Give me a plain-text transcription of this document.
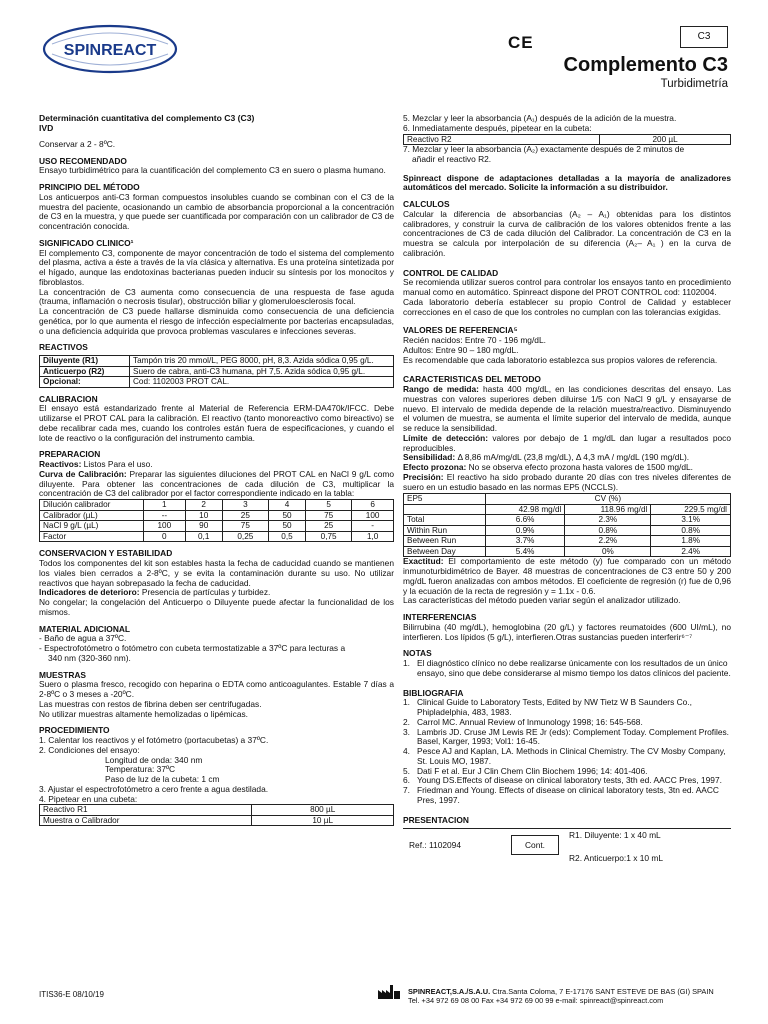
SPINREACT	CE	C3
Complemento C3
Turbidimetría
Determinación cuantitativa del complemento C3 (C3)
IVD

Conservar a 2 - 8ºC.

USO RECOMENDADO

Ensayo turbidimétrico para la cuantificación del complemento C3 en suero o plasma humano.

PRINCIPIO DEL MÉTODO

Los anticuerpos anti-C3 forman compuestos insolubles cuando se combinan con el C3 de la muestra del paciente, ocasionando un cambio de absorbancia proporcional a la concentración de C3 en la muestra, y que puede ser cuantificada por comparación con un calibrador de C3 de concentración conocida.

SIGNIFICADO CLINICO¹

El complemento C3, componente de mayor concentración de todo el sistema del complemento del plasma, activa a éste a través de la vía clásica y alternativa. Es una proteína sintetizada por el hígado, aunque las endotoxinas bacterianas pueden inducir su síntesis por los monocitos y fibroblastos.

La concentración de C3 aumenta como consecuencia de una respuesta de fase aguda (trauma, inflamación o necrosis tisular), obstrucción biliar y glomeruloesclerosis focal.

La concentración de C3 puede hallarse disminuida como consecuencia de una deficiencia genética, por lo que aumenta el riesgo de infección especialmente por bacterias encapsuladas, o una deficiencia adquirida que provoca problemas vasculares e infecciones severas.

REACTIVOS
Diluyente (R1)	Tampón tris 20 mmol/L, PEG 8000, pH, 8,3. Azida sódica 0,95 g/L.
Anticuerpo (R2)	Suero de cabra, anti-C3 humana, pH 7,5. Azida sódica 0,95 g/L.
Opcional:	Cod: 1102003 PROT CAL.
CALIBRACION

El ensayo está estandarizado frente al Material de Referencia ERM-DA470k/IFCC. Debe utilizarse el PROT CAL para la calibración. El reactivo (tanto monoreactivo como bireactivo) se debe recalibrar cada mes, cuando los controles están fuera de especificaciones, y cuando el lote de reactivo o la configuración del instrumento cambia.

PREPARACION

Reactivos: Listos Para el uso.

Curva de Calibración: Preparar las siguientes diluciones del PROT CAL en NaCl 9 g/L como diluyente. Para obtener las concentraciones de cada dilución de C3, multiplicar la concentración de C3 del calibrador por el factor correspondiente indicado en la tabla:

Dilución calibrador	1	2	3	4	5	6
Calibrador (µL)	--	10	25	50	75	100
NaCl 9 g/L (µL)	100	90	75	50	25	-
Factor	0	0,1	0,25	0,5	0,75	1,0
CONSERVACION Y ESTABILIDAD

Todos los componentes del kit son estables hasta la fecha de caducidad cuando se mantienen los viales bien cerrados a 2-8ºC, y se evita la contaminación durante su uso. No utilizar reactivos que hayan sobrepasado la fecha de caducidad.

Indicadores de deterioro: Presencia de partículas y turbidez.

No congelar; la congelación del Anticuerpo o Diluyente puede afectar la funcionalidad de los mismos.

MATERIAL ADICIONAL

- Baño de agua a 37ºC.

- Espectrofotómetro o fotómetro con cubeta termostatizable a 37ºC para lecturas a

340 nm (320-360 nm).

MUESTRAS

Suero o plasma fresco, recogido con heparina o EDTA como anticoagulantes. Estable 7 días a 2-8ºC o 3 meses a -20ºC.

Las muestras con restos de fibrina deben ser centrifugadas.

No utilizar muestras altamente hemolizadas o lipémicas.

PROCEDIMIENTO

1. Calentar los reactivos y el fotómetro (portacubetas) a 37ºC.

2. Condiciones del ensayo:

Longitud de onda: 340 nm

Temperatura: 37ºC

Paso de luz de la cubeta: 1 cm

3. Ajustar el espectrofotómetro a cero frente a agua destilada.

4. Pipetear en una cubeta:

Reactivo R1	800 µL
Muestra o Calibrador	10 µL

5. Mezclar y leer la absorbancia (A₁) después de la adición de la muestra.

6. Inmediatamente después, pipetear en la cubeta:

Reactivo R2	200 µL

7. Mezclar y leer la absorbancia (A₂) exactamente después de 2 minutos de

añadir el reactivo R2.

Spinreact dispone de adaptaciones detalladas a la mayoría de analizadores automáticos del mercado. Solicite la información a su distribuidor.

CALCULOS

Calcular la diferencia de absorbancias (A₂ – A₁) obtenidas para los distintos calibradores, y construir la curva de calibración de los valores obtenidos frente a las concentraciones de C3 de cada dilución del Calibrador. La concentración de C3 en la muestra se calcula por interpolación de su diferencia (A₂– A₁ ) en la curva de calibración.

CONTROL DE CALIDAD

Se recomienda utilizar sueros control para controlar los ensayos tanto en procedimiento manual como en automático. Spinreact dispone del PROT CONTROL cod: 1102004.

Cada laboratorio debería establecer su propio Control de Calidad y establecer correcciones en el caso de que los controles no cumplan con las tolerancias exigidas.

VALORES DE REFERENCIA⁵

Recién nacidos: Entre 70 - 196 mg/dL.

Adultos: Entre 90 – 180 mg/dL.

Es recomendable que cada laboratorio establezca sus propios valores de referencia.

CARACTERISTICAS DEL METODO

Rango de medida: hasta 400 mg/dL, en las condiciones descritas del ensayo. Las muestras con valores superiores deben diluirse 1/5 con NaCl 9 g/L y ensayarse de nuevo. El intervalo de medida depende de la relación muestra/reactivo. Disminuyendo el volumen de muestra, se aumenta el límite superior del intervalo de medida, aunque se reduce la sensibilidad.

Límite de detección: valores por debajo de 1 mg/dL dan lugar a resultados poco reproducibles.

Sensibilidad: Δ 8,86 mA/mg/dL (23,8 mg/dL), Δ 4,3 mA / mg/dL (190 mg/dL).

Efecto prozona: No se observa efecto prozona hasta valores de 1500 mg/dL.

Precisión: El reactivo ha sido probado durante 20 días con tres niveles diferentes de suero en un estudio basado en las normas EP5 (NCCLS).

EP5	CV (%)		
	42.98 mg/dl	118.96 mg/dl	229.5 mg/dl
Total	6.6%	2.3%	3.1%
Within Run	0.9%	0.8%	0.8%
Between Run	3.7%	2.2%	1.8%
Between Day	5.4%	0%	2.4%

Exactitud: El comportamiento de este método (y) fue comparado con un método inmunoturbidimétrico de Bayer. 48 muestras de concentraciones de C3 entre 50 y 200 mg/dL fueron analizadas con ambos métodos. El coeficiente de regresión (r) fue de 0,96 y la ecuación de la recta de regresión y = 1.1x - 0.6.

Las características del método pueden variar según el analizador utilizado.

INTERFERENCIAS

Bilirrubina (40 mg/dL), hemoglobina (20 g/L) y factores reumatoides (600 UI/mL), no interfieren. Los lípidos (5 g/L), interfieren.Otras sustancias pueden interferir⁶⁻⁷

NOTAS
1. El diagnóstico clínico no debe realizarse únicamente con los resultados de un único ensayo, sino que debe considerarse al mismo tiempo los datos clínicos del paciente.
BIBLIOGRAFIA
1. Clinical Guide to Laboratory Tests, Edited by NW Tietz W B Saunders Co., Phipladelphia, 483, 1983.
2. Carrol MC. Annual Review of Inmunology 1998; 16: 545-568.
3. Lambris JD. Cruse JM Lewis RE Jr (eds): Complement Today. Complement Profiles. Basel, Karger, 1993; Vol1: 16-45.
4. Pesce AJ and Kaplan, LA. Methods in Clinical Chemistry. The CV Mosby Company, St. Louis MO, 1987.
5. Dati F et al. Eur J Clin Chem Clin Biochem 1996; 14: 401-406.
6. Young DS.Effects of disease on clinical laboratory tests, 3th ed. AACC Pres, 1997.
7. Friedman and Young. Effects of disease on clinical laboratory tests, 3tn ed. AACC Pres, 1997.
PRESENTACION
Ref.: 1102094	Cont.
R1. Diluyente: 1 x 40 mL
R2. Anticuerpo:1 x 10 mL
ITIS36-E 08/10/19	SPINREACT,S.A./S.A.U. Ctra.Santa Coloma, 7 E-17176 SANT ESTEVE DE BAS (GI) SPAIN
Tel. +34 972 69 08 00 Fax +34 972 69 00 99 e-mail: spinreact@spinreact.com
